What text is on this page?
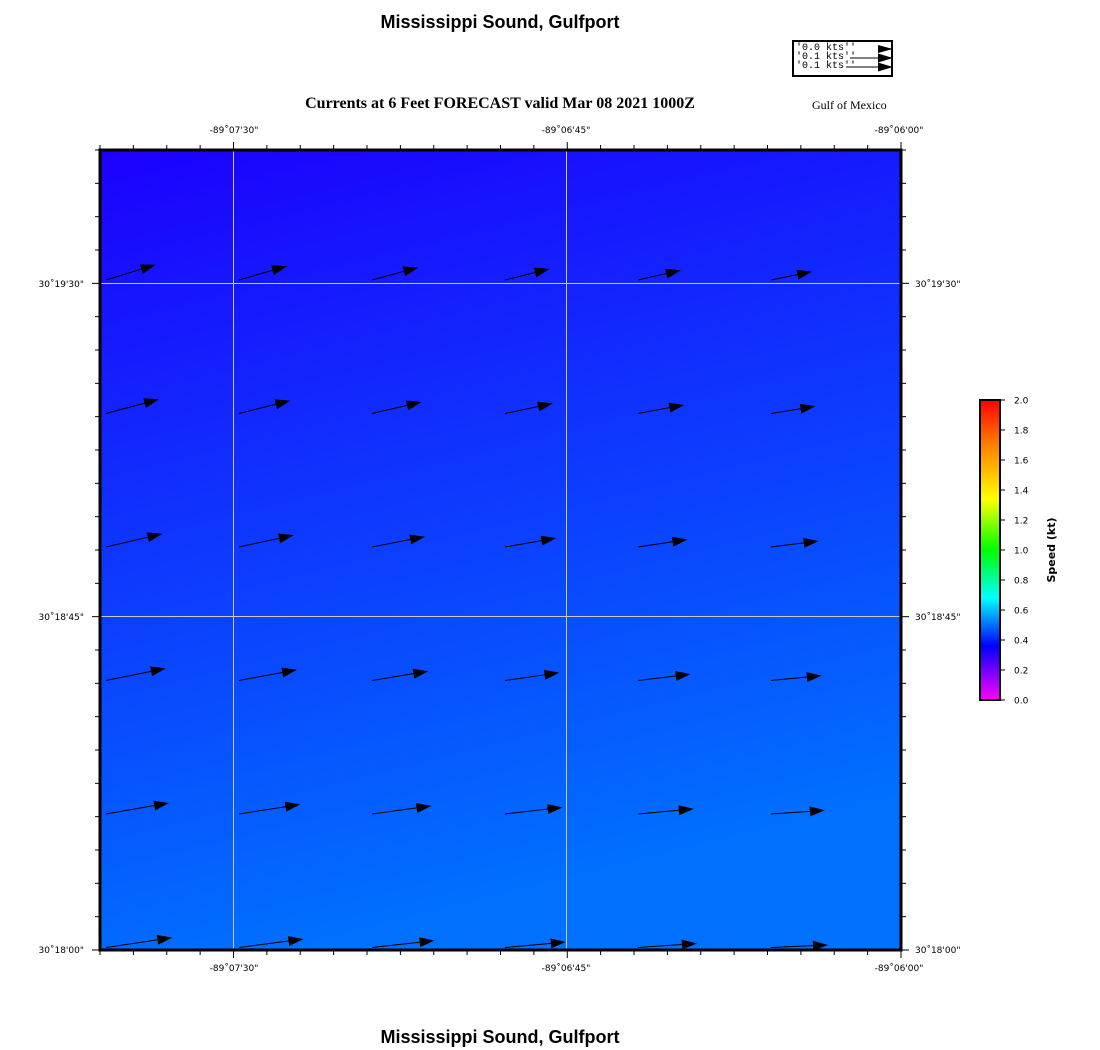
Mississippi Sound, Gulfport
'0.0 kts''
'0.1 kts''
'0.1 kts''
Currents at 6 Feet FORECAST valid Mar 08 2021 1000Z	Gulf of Mexico
-89˚07'30"	-89˚06'45"	-89˚06'00"
-89˚07'30"	-89˚06'45"	-89˚06'00"
30˚19'30"
30˚18'45"
30˚18'00"
30˚19'30"
30˚18'45"
30˚18'00"
2.0
1.8
1.6
1.4
1.2
1.0
0.8
0.6
0.4
0.2
0.0
Speed (kt)
Mississippi Sound, Gulfport
